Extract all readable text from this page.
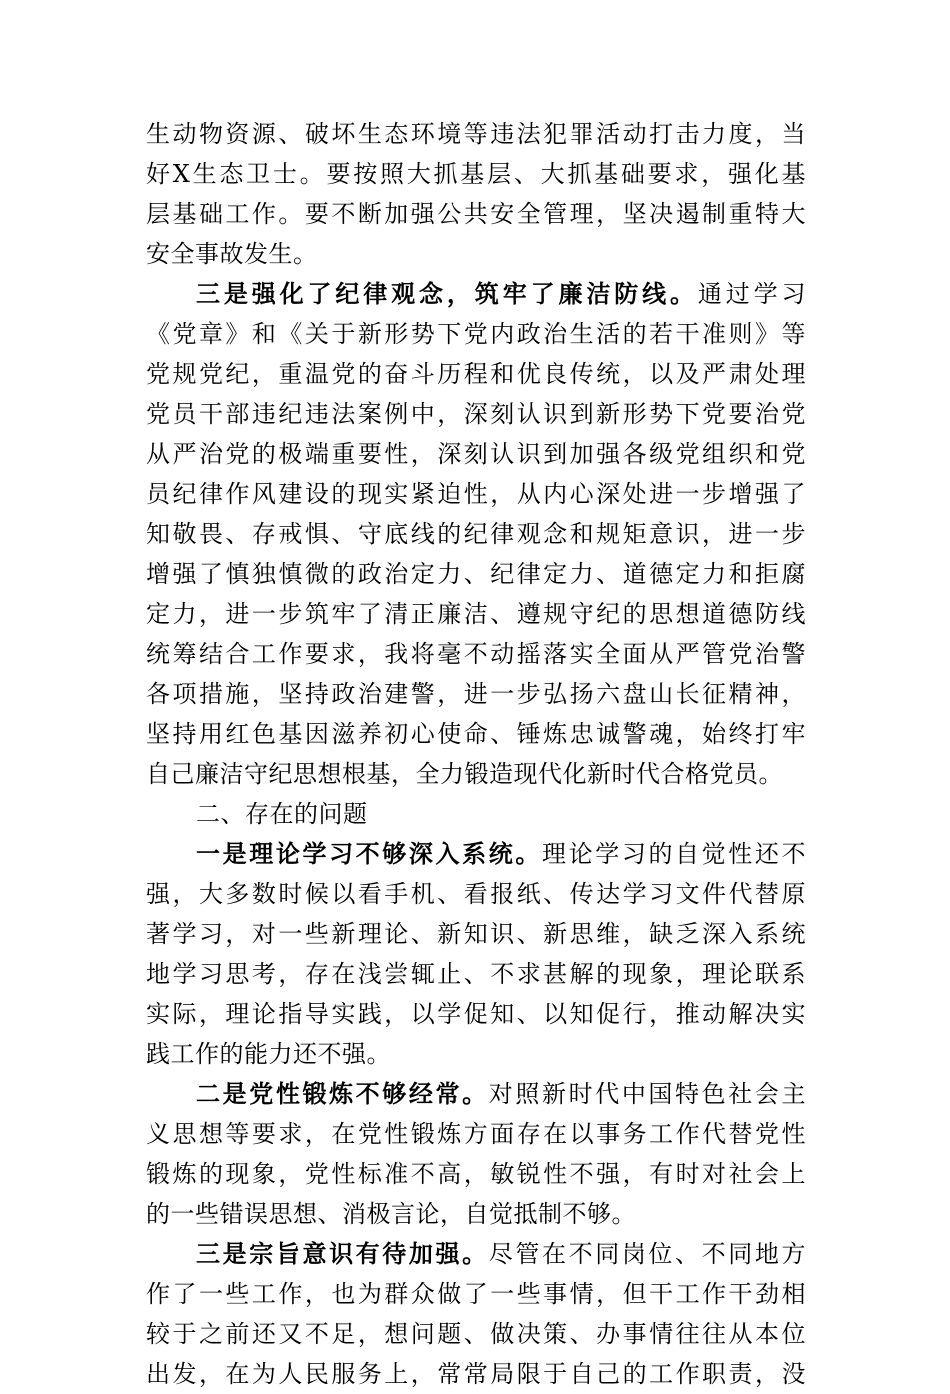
生动物资源、破坏生态环境等违法犯罪活动打击力度，当
好X生态卫士。要按照大抓基层、大抓基础要求，强化基
层基础工作。要不断加强公共安全管理，坚决遏制重特大
安全事故发生。
三是强化了纪律观念，筑牢了廉洁防线。通过学习
《党章》和《关于新形势下党内政治生活的若干准则》等
党规党纪，重温党的奋斗历程和优良传统，以及严肃处理
党员干部违纪违法案例中，深刻认识到新形势下党要治党
从严治党的极端重要性，深刻认识到加强各级党组织和党
员纪律作风建设的现实紧迫性，从内心深处进一步增强了
知敬畏、存戒惧、守底线的纪律观念和规矩意识，进一步
增强了慎独慎微的政治定力、纪律定力、道德定力和拒腐
定力，进一步筑牢了清正廉洁、遵规守纪的思想道德防线
统筹结合工作要求，我将毫不动摇落实全面从严管党治警
各项措施，坚持政治建警，进一步弘扬六盘山长征精神，
坚持用红色基因滋养初心使命、锤炼忠诚警魂，始终打牢
自己廉洁守纪思想根基，全力锻造现代化新时代合格党员。
二、存在的问题
一是理论学习不够深入系统。理论学习的自觉性还不
强，大多数时候以看手机、看报纸、传达学习文件代替原
著学习，对一些新理论、新知识、新思维，缺乏深入系统
地学习思考，存在浅尝辄止、不求甚解的现象，理论联系
实际，理论指导实践，以学促知、以知促行，推动解决实
践工作的能力还不强。
二是党性锻炼不够经常。对照新时代中国特色社会主
义思想等要求，在党性锻炼方面存在以事务工作代替党性
锻炼的现象，党性标准不高，敏锐性不强，有时对社会上
的一些错误思想、消极言论，自觉抵制不够。
三是宗旨意识有待加强。尽管在不同岗位、不同地方
作了一些工作，也为群众做了一些事情，但干工作干劲相
较于之前还又不足，想问题、做决策、办事情往往从本位
出发，在为人民服务上，常常局限于自己的工作职责，没
